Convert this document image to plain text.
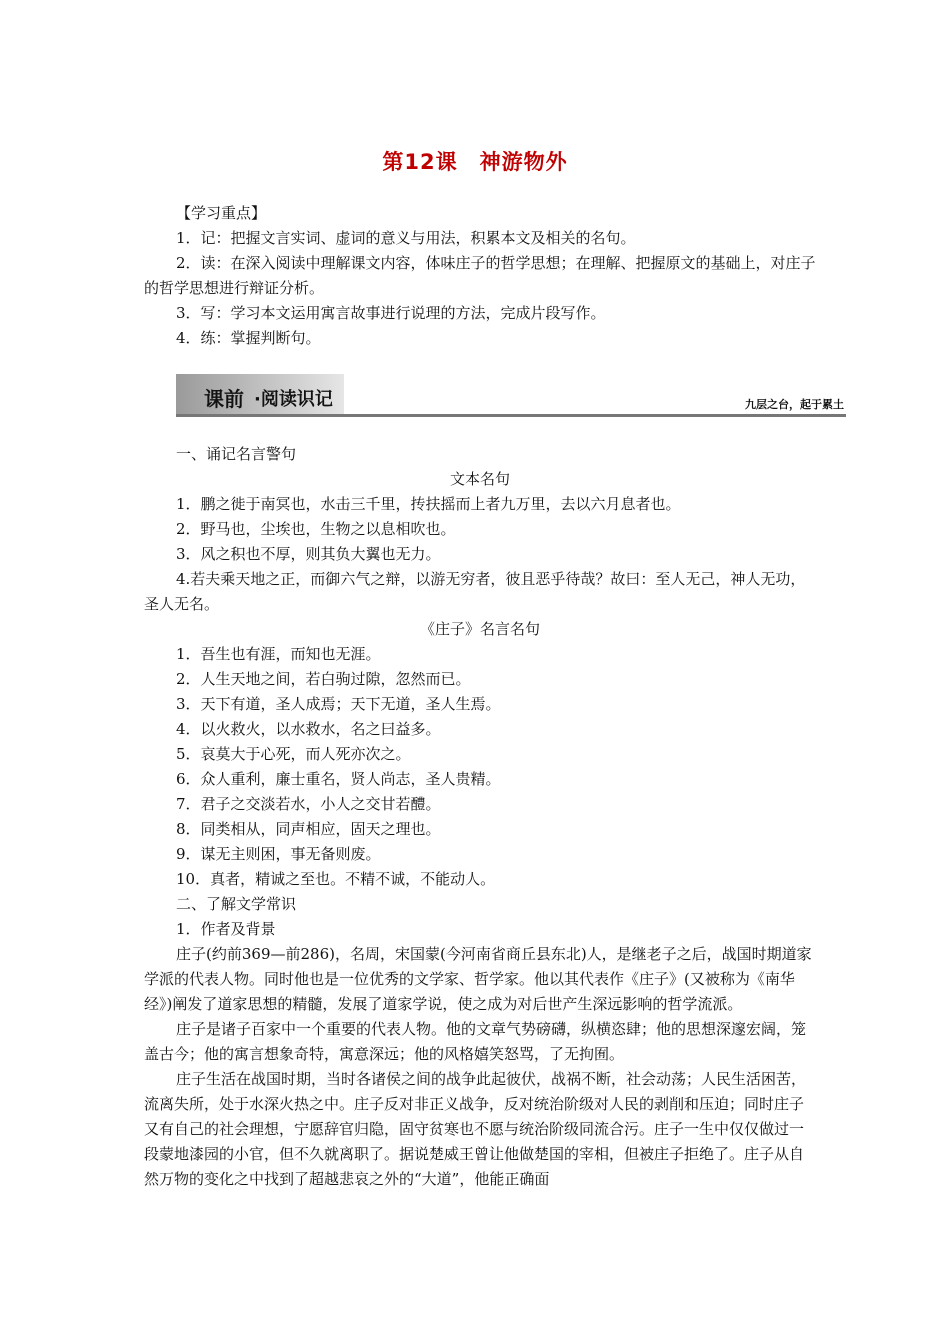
第12课 神游物外

【学习重点】

1．记：把握文言实词、虚词的意义与用法，积累本文及相关的名句。

2．读：在深入阅读中理解课文内容，体味庄子的哲学思想；在理解、把握原文的基础上，对庄子的哲学思想进行辩证分析。

3．写：学习本文运用寓言故事进行说理的方法，完成片段写作。

4．练：掌握判断句。

课前 ·阅读识记	九层之台，起于累土

一、诵记名言警句

文本名句

1．鹏之徙于南冥也，水击三千里，抟扶摇而上者九万里，去以六月息者也。

2．野马也，尘埃也，生物之以息相吹也。

3．风之积也不厚，则其负大翼也无力。

4.若夫乘天地之正，而御六气之辩，以游无穷者，彼且恶乎待哉？故曰：至人无己，神人无功，圣人无名。

《庄子》名言名句

1．吾生也有涯，而知也无涯。

2．人生天地之间，若白驹过隙，忽然而已。

3．天下有道，圣人成焉；天下无道，圣人生焉。

4．以火救火，以水救水，名之曰益多。

5．哀莫大于心死，而人死亦次之。

6．众人重利，廉士重名，贤人尚志，圣人贵精。

7．君子之交淡若水，小人之交甘若醴。

8．同类相从，同声相应，固天之理也。

9．谋无主则困，事无备则废。

10．真者，精诚之至也。不精不诚，不能动人。

二、了解文学常识

1．作者及背景

庄子(约前369—前286)，名周，宋国蒙(今河南省商丘县东北)人，是继老子之后，战国时期道家学派的代表人物。同时他也是一位优秀的文学家、哲学家。他以其代表作《庄子》(又被称为《南华经》)阐发了道家思想的精髓，发展了道家学说，使之成为对后世产生深远影响的哲学流派。

庄子是诸子百家中一个重要的代表人物。他的文章气势磅礴，纵横恣肆；他的思想深邃宏阔，笼盖古今；他的寓言想象奇特，寓意深远；他的风格嬉笑怒骂，了无拘囿。

庄子生活在战国时期，当时各诸侯之间的战争此起彼伏，战祸不断，社会动荡；人民生活困苦，流离失所，处于水深火热之中。庄子反对非正义战争，反对统治阶级对人民的剥削和压迫；同时庄子又有自己的社会理想，宁愿辞官归隐，固守贫寒也不愿与统治阶级同流合污。庄子一生中仅仅做过一段蒙地漆园的小官，但不久就离职了。据说楚威王曾让他做楚国的宰相，但被庄子拒绝了。庄子从自然万物的变化之中找到了超越悲哀之外的“大道”，他能正确面
